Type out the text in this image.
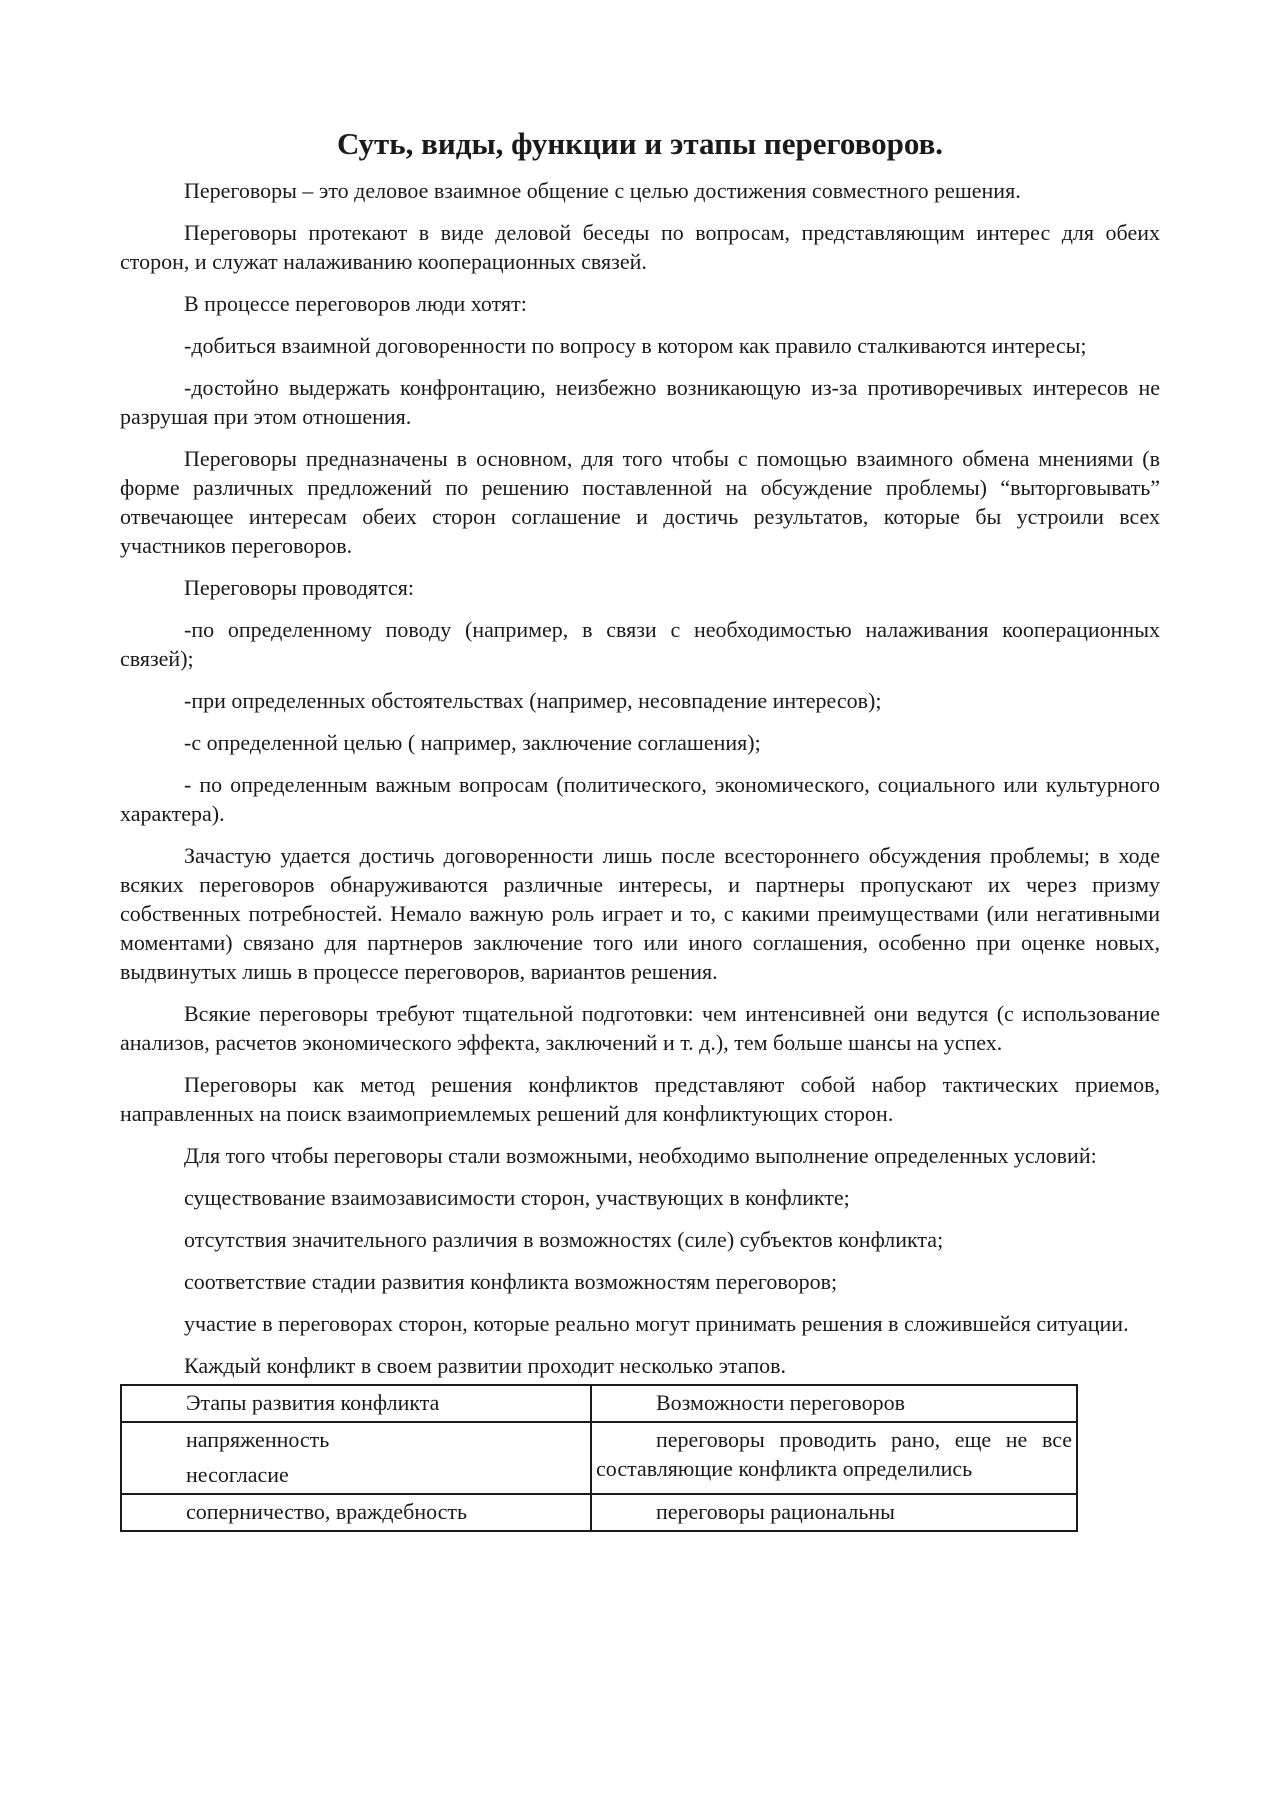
Суть, виды, функции и этапы переговоров.

Переговоры – это деловое взаимное общение с целью достижения совместного решения.

Переговоры протекают в виде деловой беседы по вопросам, представляющим интерес для обеих сторон, и служат налаживанию кооперационных связей.

В процессе переговоров люди хотят:

-добиться взаимной договоренности по вопросу в котором как правило сталкиваются интересы;

-достойно выдержать конфронтацию, неизбежно возникающую из-за противоречивых интересов не разрушая при этом отношения.

Переговоры предназначены в основном, для того чтобы с помощью взаимного обмена мнениями (в форме различных предложений по решению поставленной на обсуждение проблемы) “выторговывать” отвечающее интересам обеих сторон соглашение и достичь результатов, которые бы устроили всех участников переговоров.

Переговоры проводятся:

-по определенному поводу (например, в связи с необходимостью налаживания кооперационных связей);

-при определенных обстоятельствах (например, несовпадение интересов);

-с определенной целью ( например, заключение соглашения);

- по определенным важным вопросам (политического, экономического, социального или культурного характера).

Зачастую удается достичь договоренности лишь после всестороннего обсуждения проблемы; в ходе всяких переговоров обнаруживаются различные интересы, и партнеры пропускают их через призму собственных потребностей. Немало важную роль играет и то, с какими преимуществами (или негативными моментами) связано для партнеров заключение того или иного соглашения, особенно при оценке новых, выдвинутых лишь в процессе переговоров, вариантов решения.

Всякие переговоры требуют тщательной подготовки: чем интенсивней они ведутся (с использование анализов, расчетов экономического эффекта, заключений и т. д.), тем больше шансы на успех.

Переговоры как метод решения конфликтов представляют собой набор тактических приемов, направленных на поиск взаимоприемлемых решений для конфликтующих сторон.

Для того чтобы переговоры стали возможными, необходимо выполнение определенных условий:

существование взаимозависимости сторон, участвующих в конфликте;

отсутствия значительного различия в возможностях (силе) субъектов конфликта;

соответствие стадии развития конфликта возможностям переговоров;

участие в переговорах сторон, которые реально могут принимать решения в сложившейся ситуации.

Каждый конфликт в своем развитии проходит несколько этапов.

Этапы развития конфликта	Возможности переговоров

напряженность
несогласие	переговоры проводить рано, еще не все составляющие конфликта определились

соперничество, враждебность	переговоры рациональны
